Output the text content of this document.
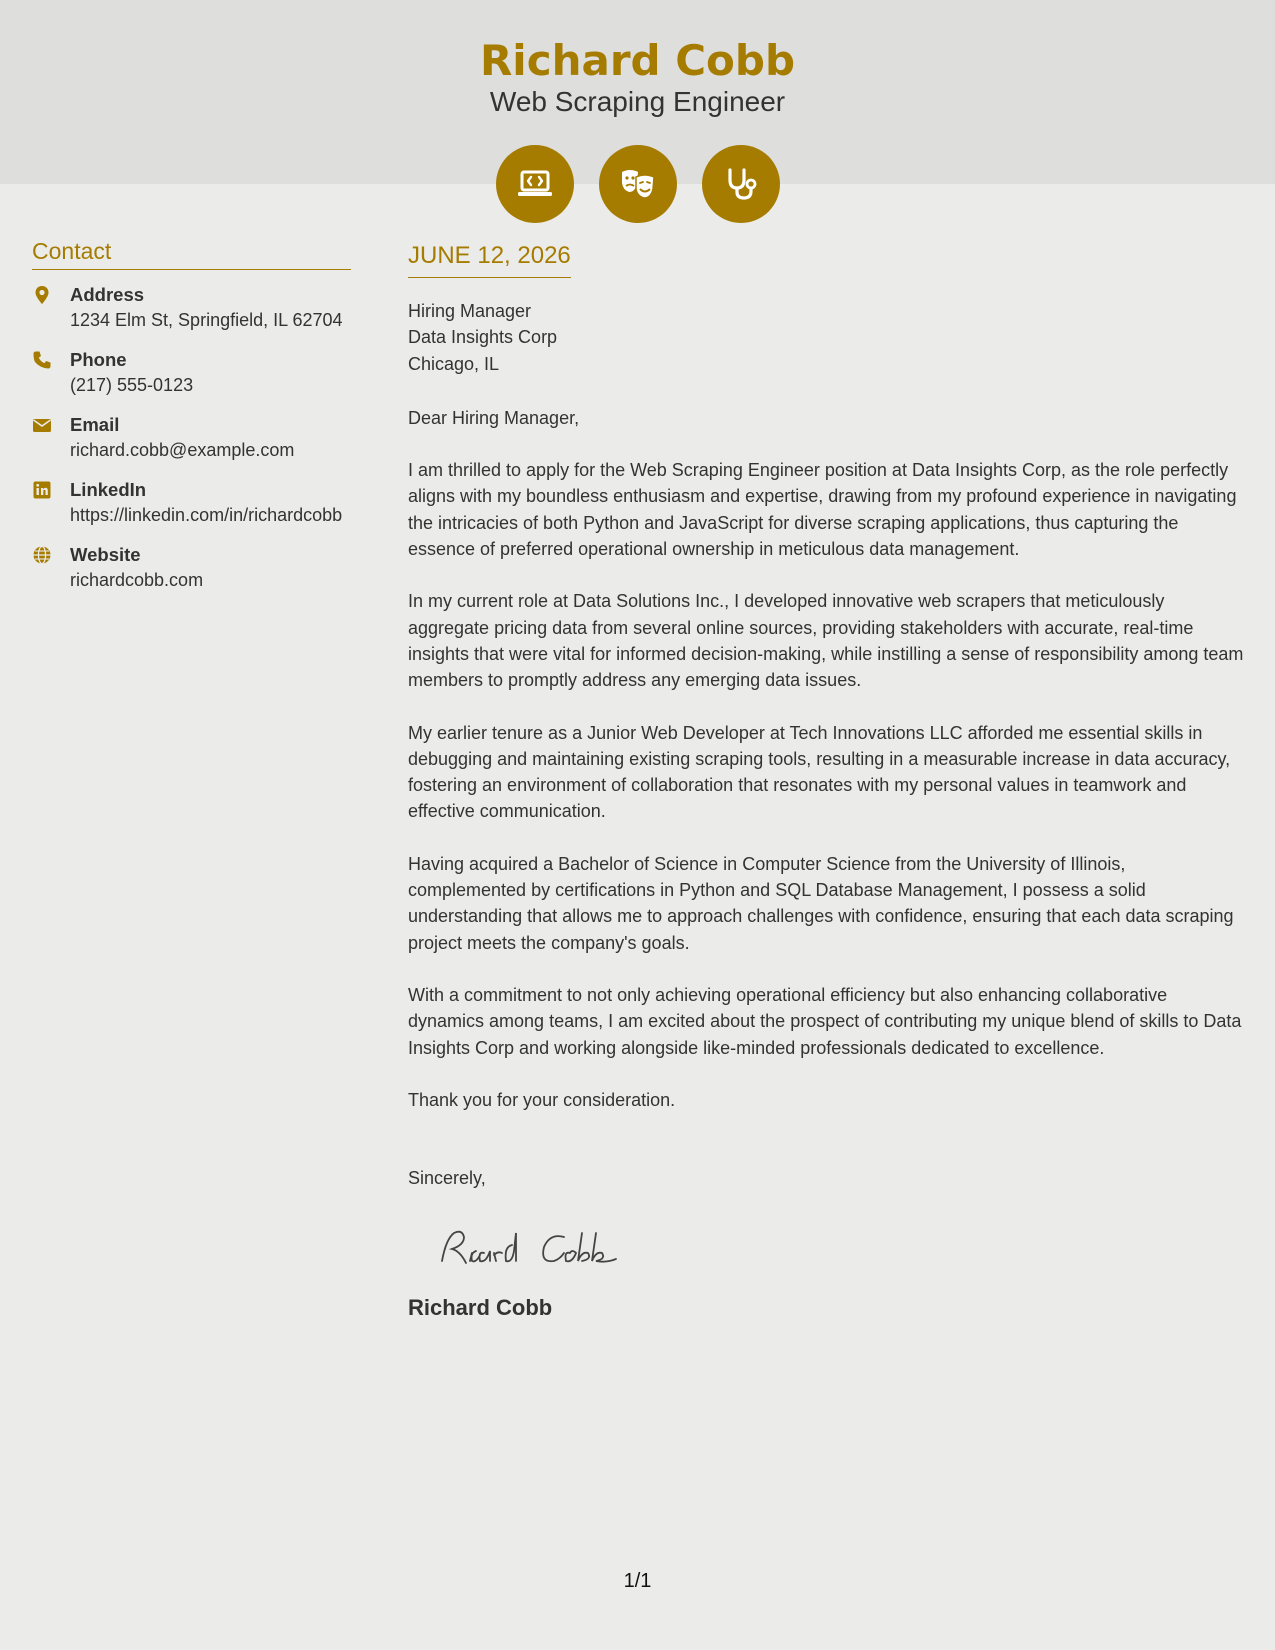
Richard Cobb
Web Scraping Engineer
Contact
Address
1234 Elm St, Springfield, IL 62704
Phone
(217) 555-0123
Email
richard.cobb@example.com
LinkedIn
https://linkedin.com/in/richardcobb
Website
richardcobb.com
JUNE 12, 2026
Hiring Manager
Data Insights Corp
Chicago, IL
Dear Hiring Manager,
I am thrilled to apply for the Web Scraping Engineer position at Data Insights Corp, as the role perfectly aligns with my boundless enthusiasm and expertise, drawing from my profound experience in navigating the intricacies of both Python and JavaScript for diverse scraping applications, thus capturing the essence of preferred operational ownership in meticulous data management.
In my current role at Data Solutions Inc., I developed innovative web scrapers that meticulously aggregate pricing data from several online sources, providing stakeholders with accurate, real-time insights that were vital for informed decision-making, while instilling a sense of responsibility among team members to promptly address any emerging data issues.
My earlier tenure as a Junior Web Developer at Tech Innovations LLC afforded me essential skills in debugging and maintaining existing scraping tools, resulting in a measurable increase in data accuracy, fostering an environment of collaboration that resonates with my personal values in teamwork and effective communication.
Having acquired a Bachelor of Science in Computer Science from the University of Illinois, complemented by certifications in Python and SQL Database Management, I possess a solid understanding that allows me to approach challenges with confidence, ensuring that each data scraping project meets the company's goals.
With a commitment to not only achieving operational efficiency but also enhancing collaborative dynamics among teams, I am excited about the prospect of contributing my unique blend of skills to Data Insights Corp and working alongside like-minded professionals dedicated to excellence.
Thank you for your consideration.
Sincerely,
Richard Cobb
1/1
